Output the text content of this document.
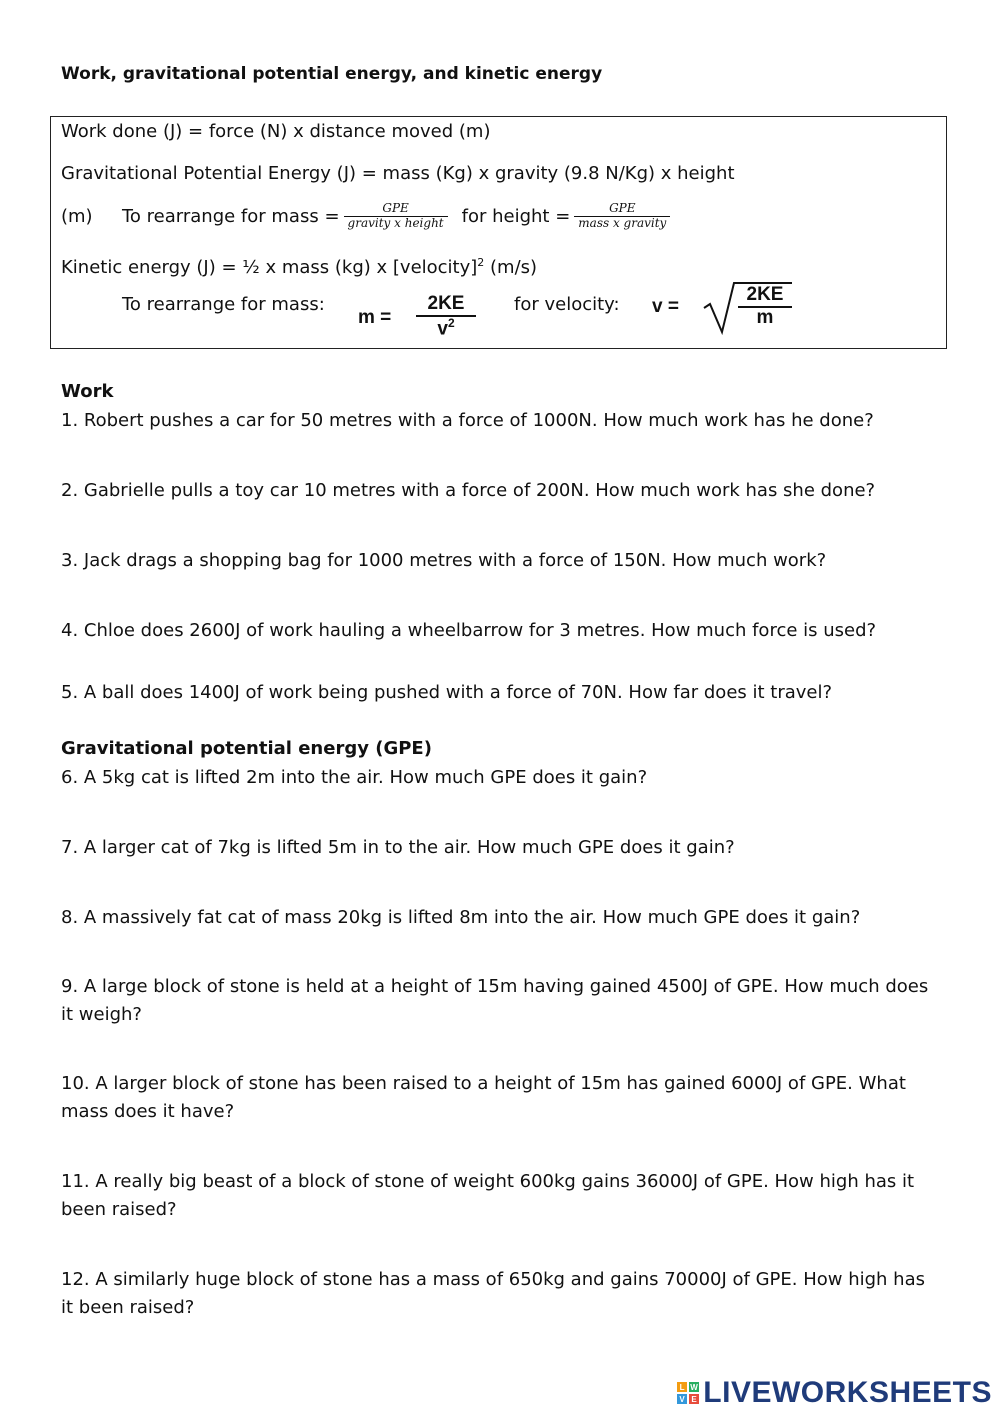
Work, gravitational potential energy, and kinetic energy
Work done (J) = force (N) x distance moved (m)
Gravitational Potential Energy (J) = mass (Kg) x gravity (9.8 N/Kg) x height
(m) To rearrange for mass = $\frac{\text{GPE}}{\text{gravity x height}}$ for height = $\frac{\text{GPE}}{\text{mass x gravity}}$
Kinetic energy (J) = ½ x mass (kg) x [velocity]$^2$ (m/s)
To rearrange for mass:
$m = \frac{2KE}{v^2}$ for velocity: v =	$\frac{2KE}{m}$
Work
1. Robert pushes a car for 50 metres with a force of 1000N. How much work has he done?
2. Gabrielle pulls a toy car 10 metres with a force of 200N. How much work has she done?
3. Jack drags a shopping bag for 1000 metres with a force of 150N. How much work?
4. Chloe does 2600J of work hauling a wheelbarrow for 3 metres. How much force is used?
5. A ball does 1400J of work being pushed with a force of 70N. How far does it travel?
Gravitational potential energy (GPE)
6. A 5kg cat is lifted 2m into the air. How much GPE does it gain?
7. A larger cat of 7kg is lifted 5m in to the air. How much GPE does it gain?
8. A massively fat cat of mass 20kg is lifted 8m into the air. How much GPE does it gain?
9. A large block of stone is held at a height of 15m having gained 4500J of GPE. How much does it weigh?
10. A larger block of stone has been raised to a height of 15m has gained 6000J of GPE. What mass does it have?
11. A really big beast of a block of stone of weight 600kg gains 36000J of GPE. How high has it been raised?
12. A similarly huge block of stone has a mass of 650kg and gains 70000J of GPE. How high has it been raised?
L W
V E LIVEWORKSHEETS
